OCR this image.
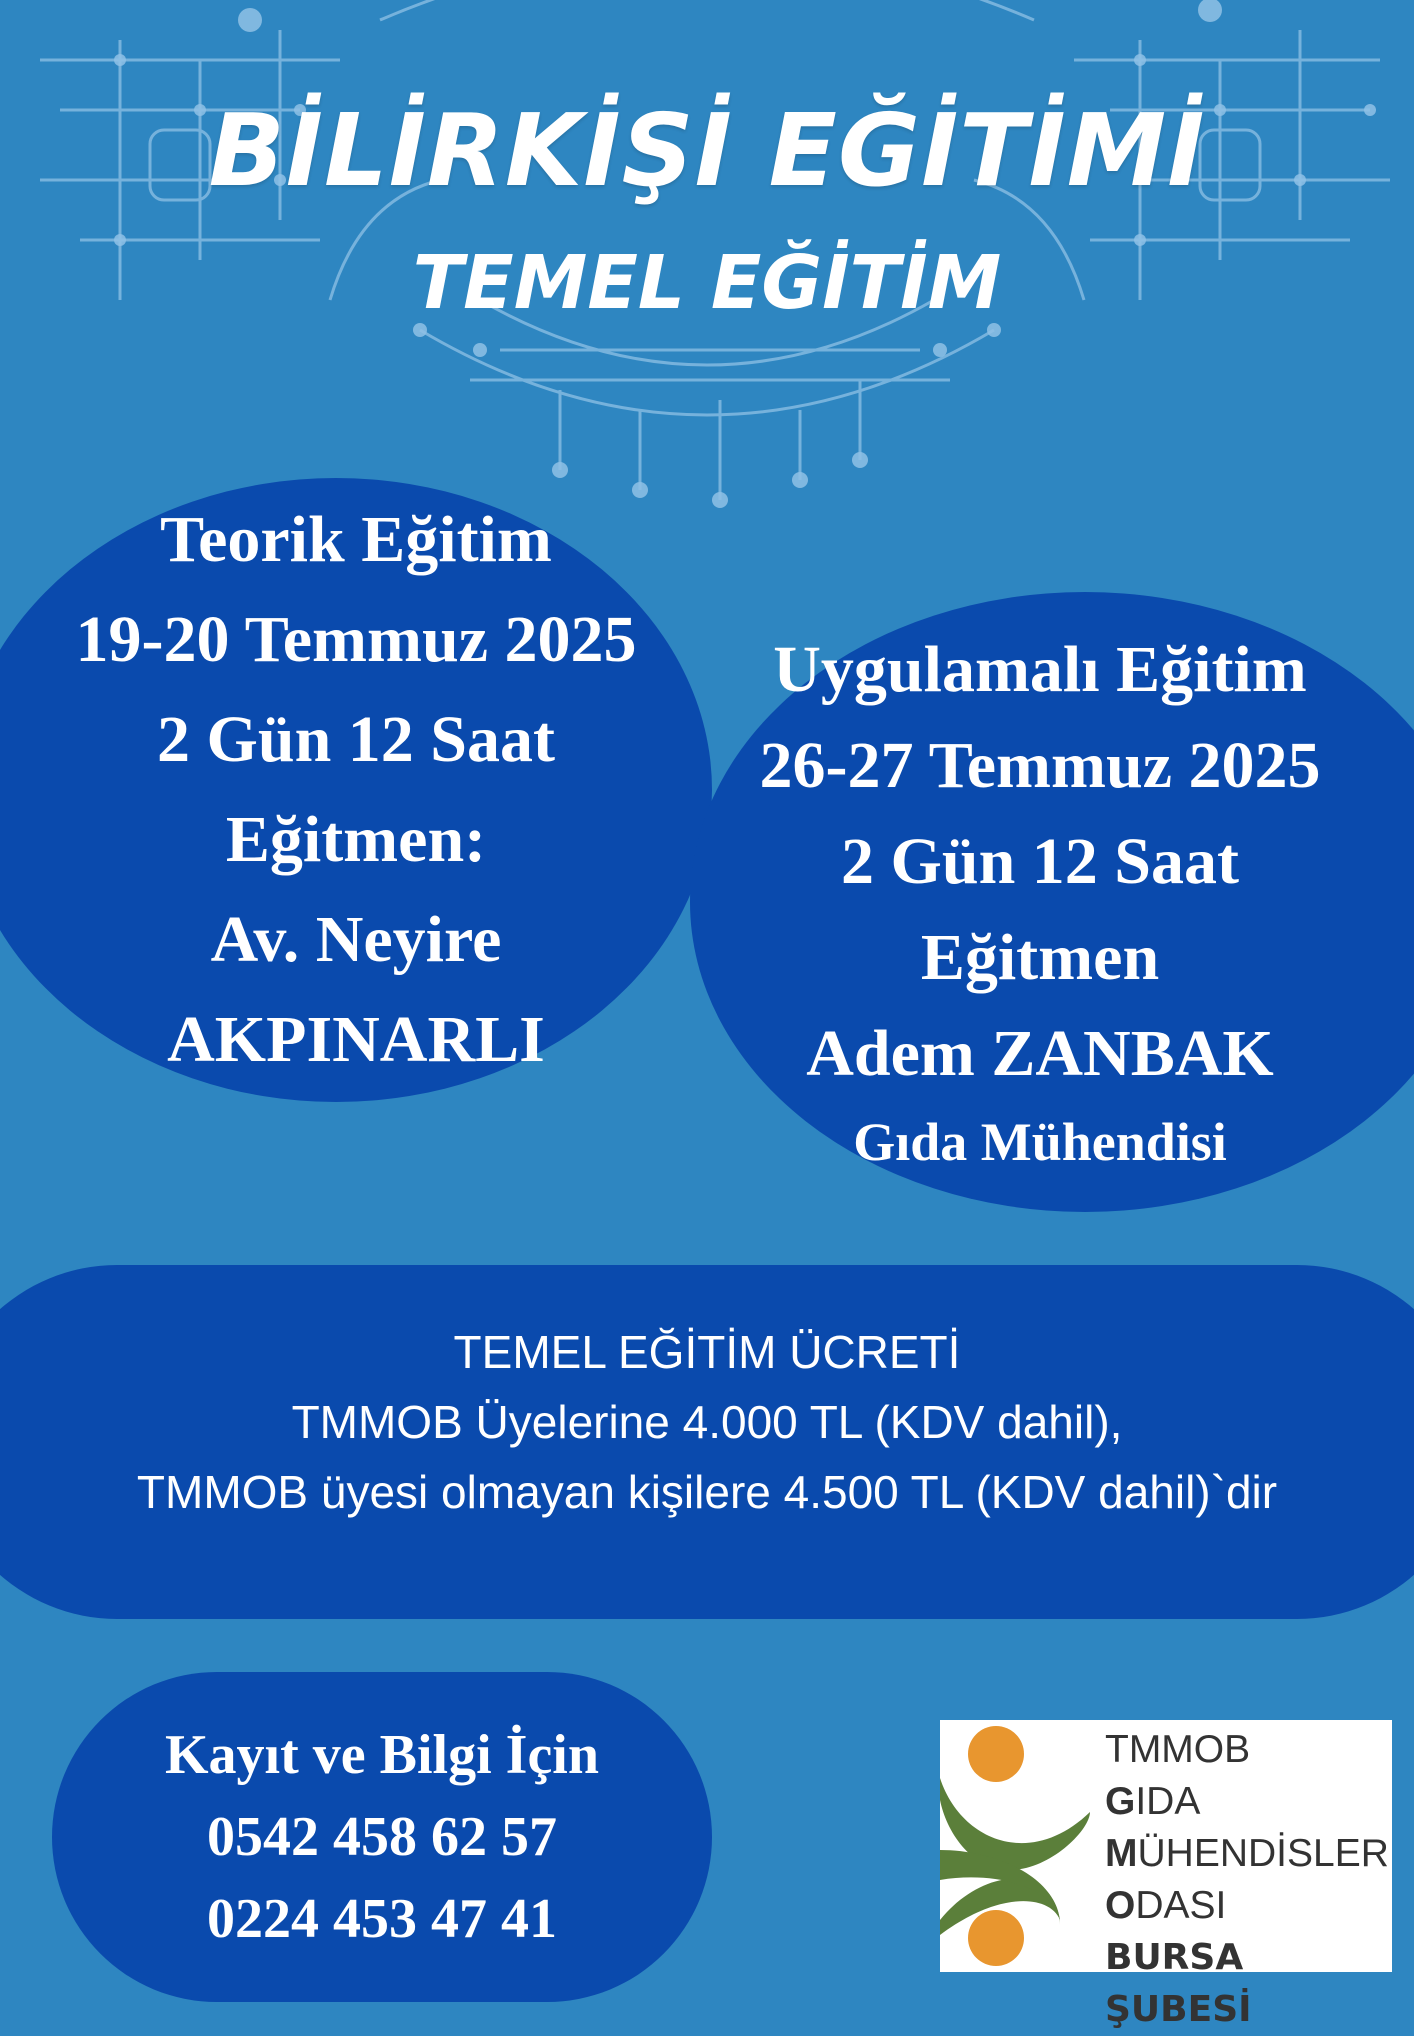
BİLİRKİŞİ EĞİTİMİ
TEMEL EĞİTİM
Teorik Eğitim
19-20 Temmuz 2025
2 Gün 12 Saat
Eğitmen:
Av. Neyire
AKPINARLI
Uygulamalı Eğitim
26-27 Temmuz 2025
2 Gün 12 Saat
Eğitmen
Adem ZANBAK
Gıda Mühendisi
TEMEL EĞİTİM ÜCRETİ
TMMOB Üyelerine 4.000 TL (KDV dahil),
TMMOB üyesi olmayan kişilere 4.500 TL (KDV dahil)`dir
Kayıt ve Bilgi İçin
0542 458 62 57
0224 453 47 41
TMMOB
GIDA
MÜHENDİSLER
ODASI
BURSA ŞUBESİ
